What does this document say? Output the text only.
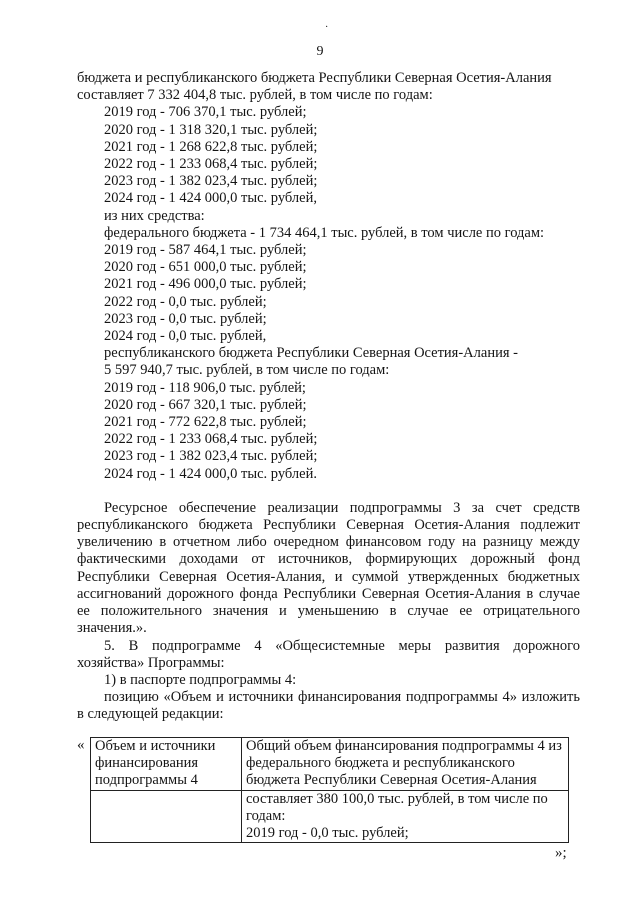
·
9
бюджета и республиканского бюджета Республики Северная Осетия-Алания
составляет 7 332 404,8 тыс. рублей, в том числе по годам:
2019 год - 706 370,1 тыс. рублей;
2020 год - 1 318 320,1 тыс. рублей;
2021 год - 1 268 622,8 тыс. рублей;
2022 год - 1 233 068,4 тыс. рублей;
2023 год - 1 382 023,4 тыс. рублей;
2024 год - 1 424 000,0 тыс. рублей,
из них средства:
федерального бюджета - 1 734 464,1 тыс. рублей, в том числе по годам:
2019 год - 587 464,1 тыс. рублей;
2020 год - 651 000,0 тыс. рублей;
2021 год - 496 000,0 тыс. рублей;
2022 год - 0,0 тыс. рублей;
2023 год - 0,0 тыс. рублей;
2024 год - 0,0 тыс. рублей,
республиканского бюджета Республики Северная Осетия-Алания -
5 597 940,7 тыс. рублей, в том числе по годам:
2019 год - 118 906,0 тыс. рублей;
2020 год - 667 320,1 тыс. рублей;
2021 год - 772 622,8 тыс. рублей;
2022 год - 1 233 068,4 тыс. рублей;
2023 год - 1 382 023,4 тыс. рублей;
2024 год - 1 424 000,0 тыс. рублей.
Ресурсное обеспечение реализации подпрограммы 3 за счет средств республиканского бюджета Республики Северная Осетия-Алания подлежит увеличению в отчетном либо очередном финансовом году на разницу между фактическими доходами от источников, формирующих дорожный фонд Республики Северная Осетия-Алания, и суммой утвержденных бюджетных ассигнований дорожного фонда Республики Северная Осетия-Алания в случае ее положительного значения и уменьшению в случае ее отрицательного значения.».
5. В подпрограмме 4 «Общесистемные меры развития дорожного хозяйства» Программы:
1) в паспорте подпрограммы 4:
позицию «Объем и источники финансирования подпрограммы 4» изложить в следующей редакции:
« Объем и источники финансирования подпрограммы 4	Общий объем финансирования подпрограммы 4 из федерального бюджета и республиканского бюджета Республики Северная Осетия-Алания

	составляет 380 100,0 тыс. рублей, в том числе по годам:
2019 год - 0,0 тыс. рублей;
»;
